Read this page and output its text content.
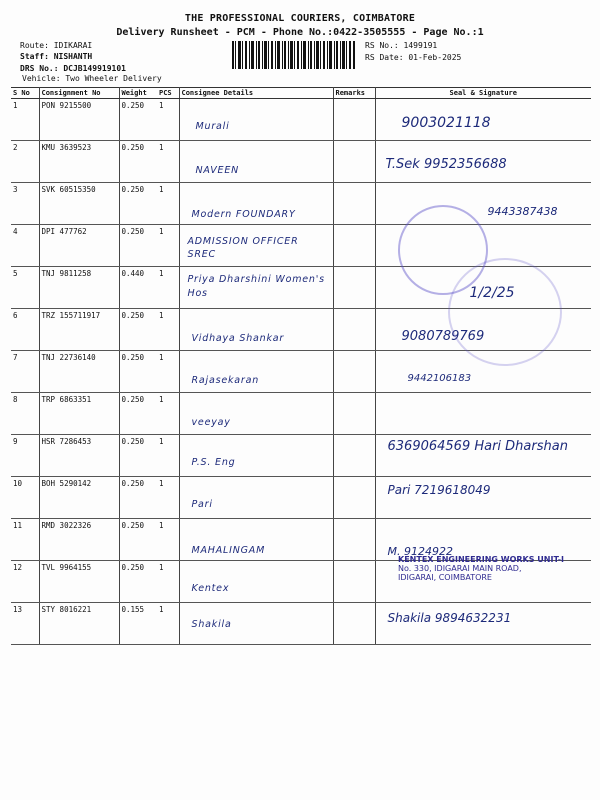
THE PROFESSIONAL COURIERS, COIMBATORE
Delivery Runsheet - PCM - Phone No.:0422-3505555 - Page No.:1
Route: IDIKARAI
Staff: NISHANTH
DRS No.: DCJB149919101
Vehicle: Two Wheeler Delivery
RS No.: 1499191
RS Date: 01-Feb-2025
S No	Consignment No	Weight	PCS	Consignee Details	Remarks	Seal & Signature
1	PON 9215500	0.250	1	Murali		9003021118

2	KMU 3639523	0.250	1	NAVEEN		T.Sek 9952356688

3	SVK 60515350	0.250	1	Modern FOUNDARY		9443387438

4	DPI 477762	0.250	1	ADMISSION OFFICER SREC		

5	TNJ 9811258	0.440	1	Priya Dharshini Women's Hos		1/2/25

6	TRZ 155711917	0.250	1	Vidhaya Shankar		9080789769

7	TNJ 22736140	0.250	1	Rajasekaran		9442106183

8	TRP 6863351	0.250	1	veeyay		

9	HSR 7286453	0.250	1	P.S. Eng		6369064569 Hari Dharshan

10	BOH 5290142	0.250	1	Pari		Pari 7219618049

11	RMD 3022326	0.250	1	MAHALINGAM		M. 9124922

12	TVL 9964155	0.250	1	Kentex		

13	STY 8016221	0.155	1	Shakila		Shakila 9894632231
KENTEX ENGINEERING WORKS UNIT-I
No. 330, IDIGARAI MAIN ROAD,
IDIGARAI, COIMBATORE
